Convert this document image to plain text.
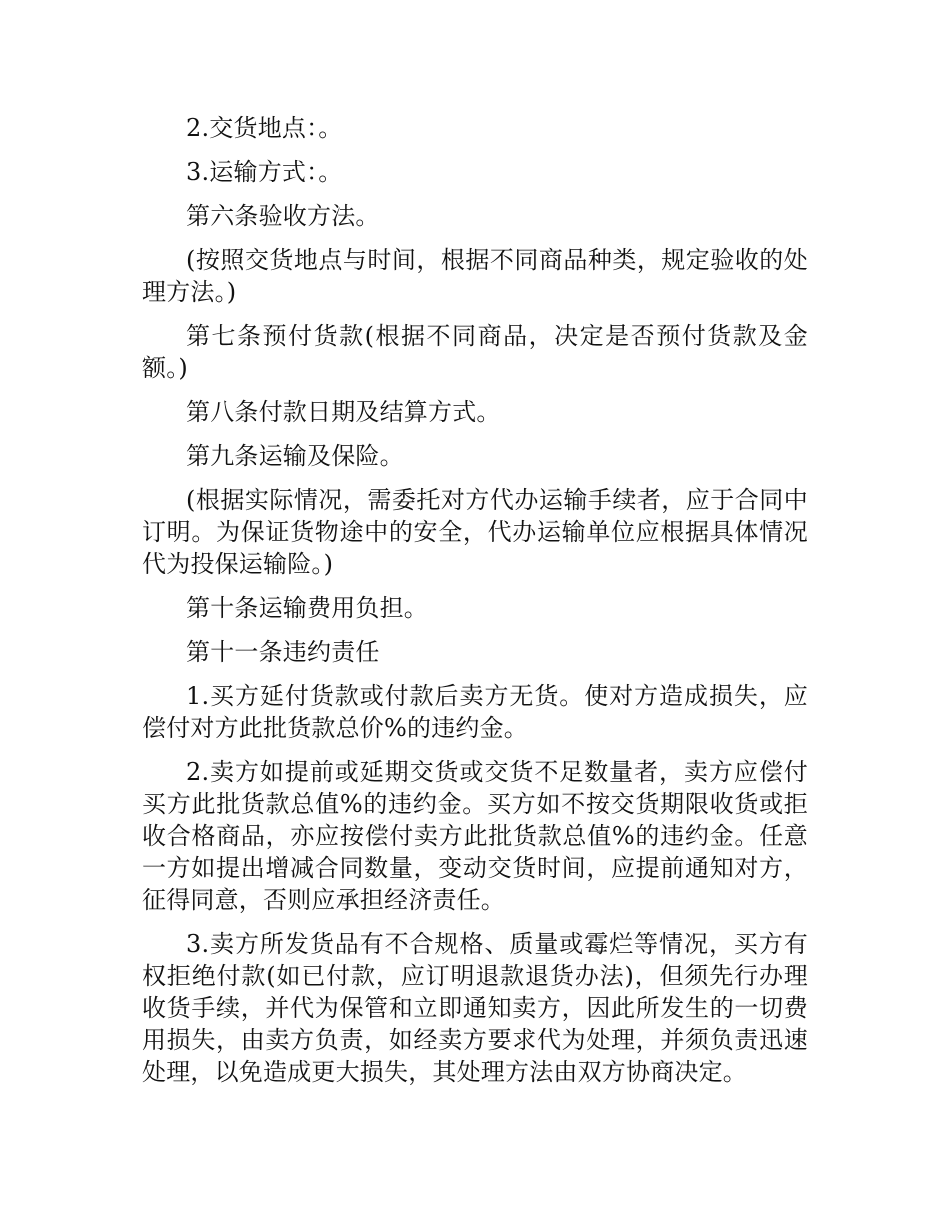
2.交货地点：。

3.运输方式：。

第六条验收方法。

(按照交货地点与时间，根据不同商品种类，规定验收的处理方法。)

第七条预付货款(根据不同商品，决定是否预付货款及金额。)

第八条付款日期及结算方式。

第九条运输及保险。

(根据实际情况，需委托对方代办运输手续者，应于合同中订明。为保证货物途中的安全，代办运输单位应根据具体情况代为投保运输险。)

第十条运输费用负担。

第十一条违约责任

1.买方延付货款或付款后卖方无货。使对方造成损失，应偿付对方此批货款总价%的违约金。

2.卖方如提前或延期交货或交货不足数量者，卖方应偿付买方此批货款总值%的违约金。买方如不按交货期限收货或拒收合格商品，亦应按偿付卖方此批货款总值%的违约金。任意一方如提出增减合同数量，变动交货时间，应提前通知对方，征得同意，否则应承担经济责任。

3.卖方所发货品有不合规格、质量或霉烂等情况，买方有权拒绝付款(如已付款，应订明退款退货办法)，但须先行办理收货手续，并代为保管和立即通知卖方，因此所发生的一切费用损失，由卖方负责，如经卖方要求代为处理，并须负责迅速处理，以免造成更大损失，其处理方法由双方协商决定。
